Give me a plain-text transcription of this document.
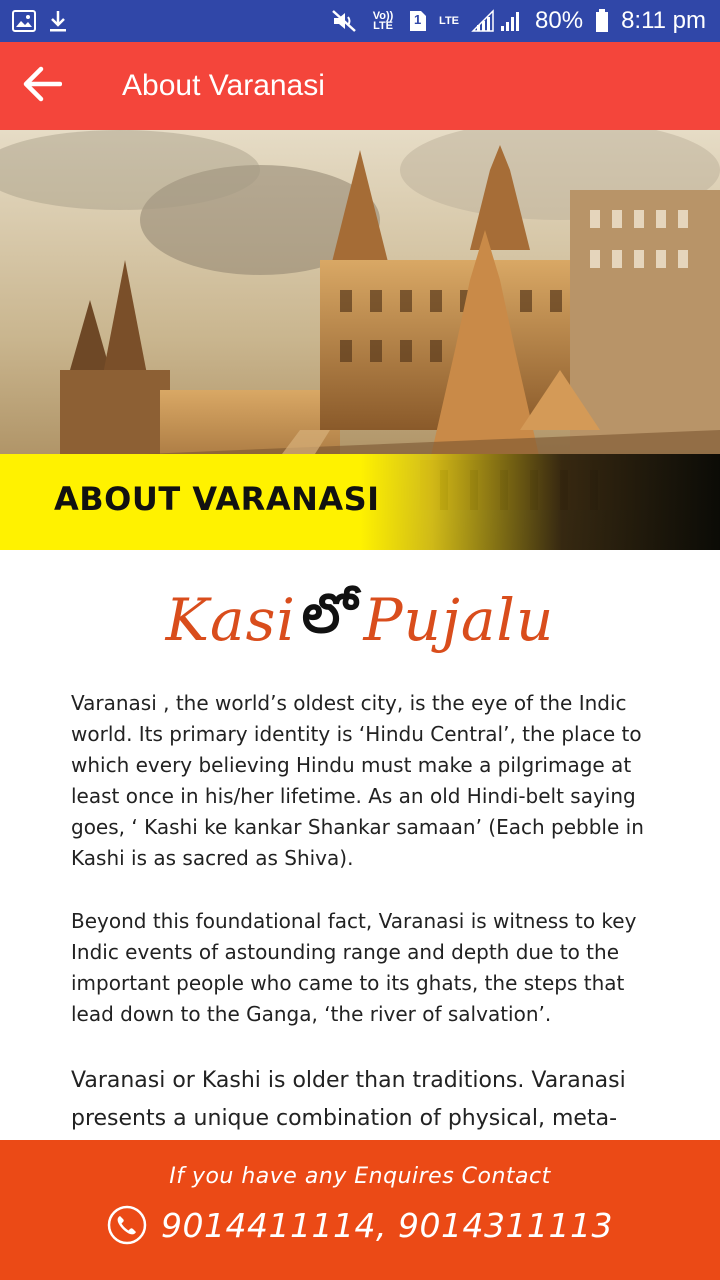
Vo)) LTE	1 LTE	80% 8:11 pm
About Varanasi
ABOUT VARANASI
Kasi లో Pujalu

Varanasi , the world’s oldest city, is the eye of the Indic world. Its primary identity is ‘Hindu Central’, the place to which every believing Hindu must make a pilgrimage at least once in his/her lifetime. As an old Hindi-belt saying goes, ‘ Kashi ke kankar Shankar samaan’ (Each pebble in Kashi is as sacred as Shiva).

Beyond this foundational fact, Varanasi is witness to key Indic events of astounding range and depth due to the important people who came to its ghats, the steps that lead down to the Ganga, ‘the river of salvation’.

Varanasi or Kashi is older than traditions. Varanasi presents a unique combination of physical, meta-

If you have any Enquires Contact
9014411114, 9014311113
